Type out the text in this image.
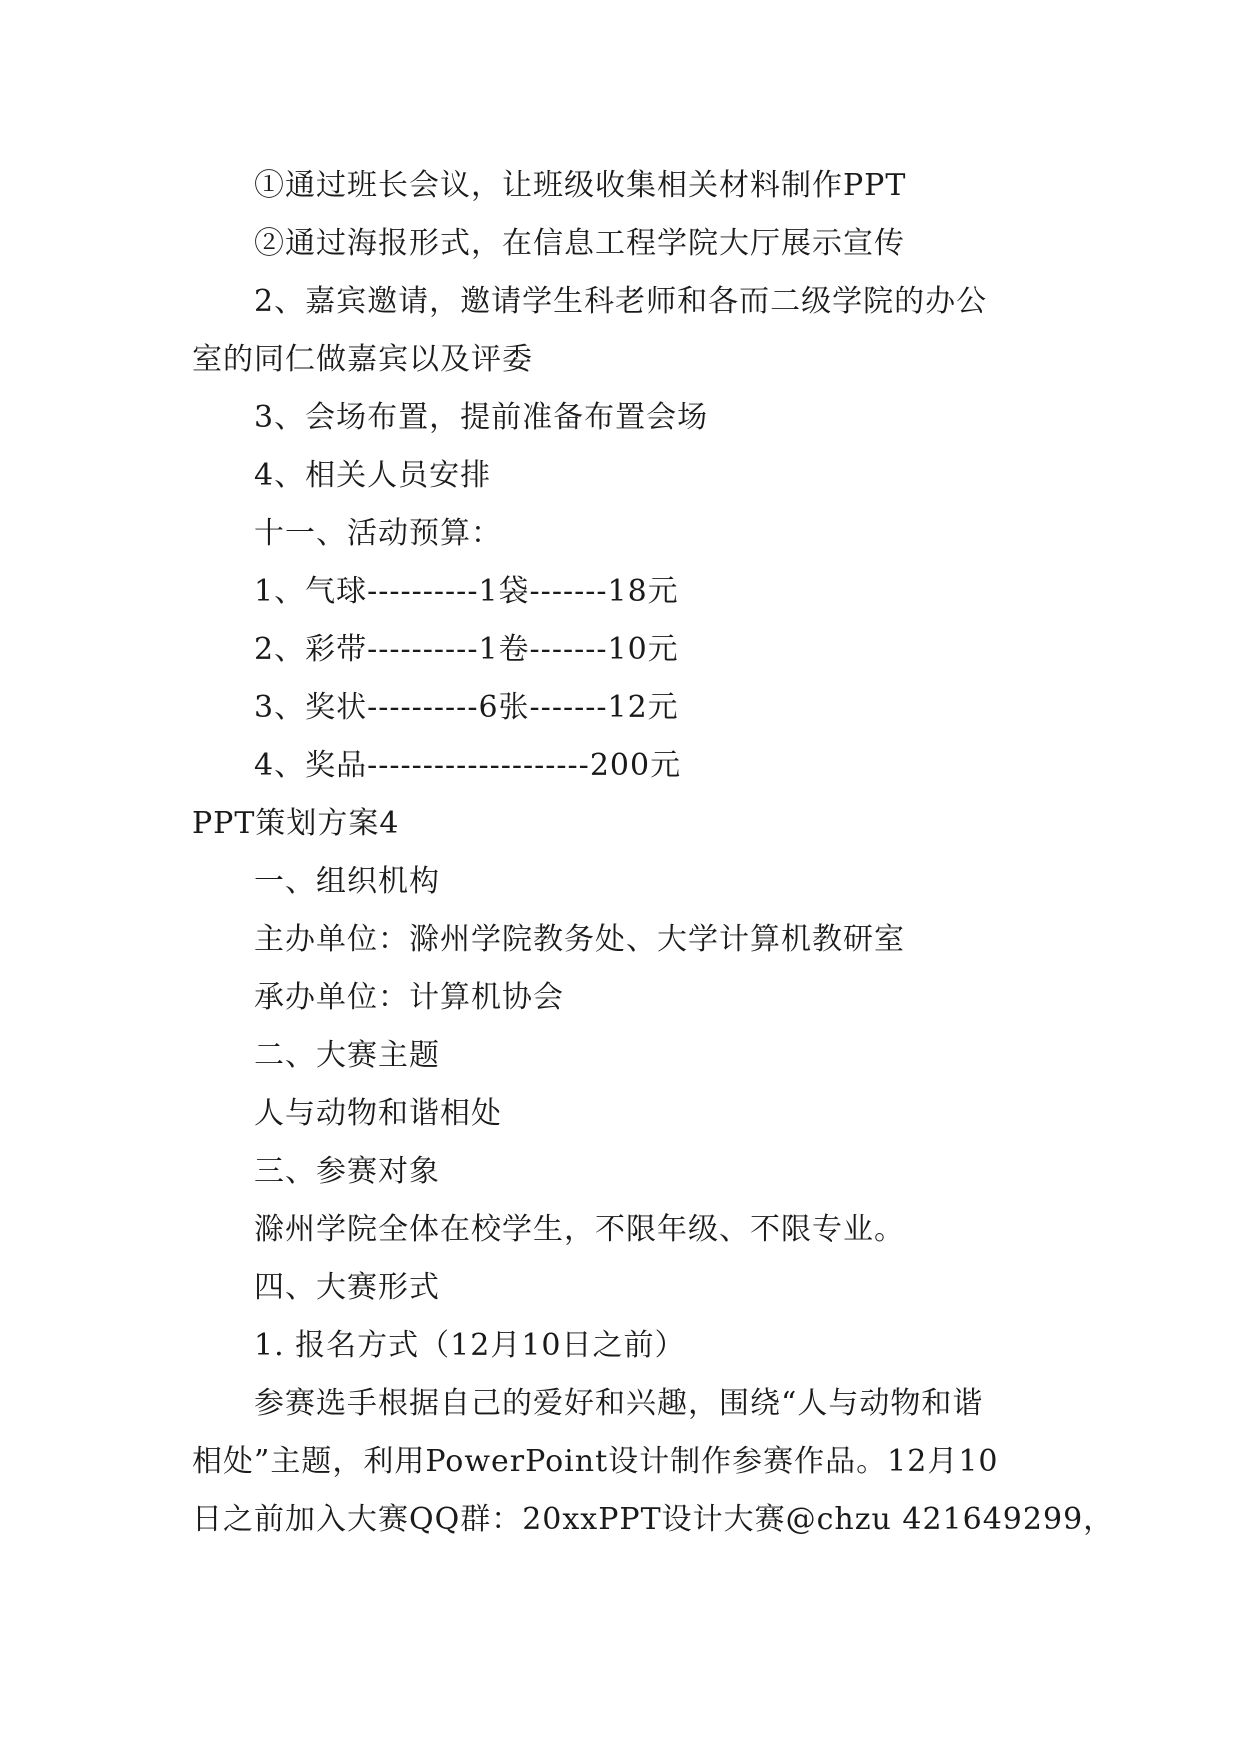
①通过班长会议，让班级收集相关材料制作PPT
②通过海报形式，在信息工程学院大厅展示宣传
2、嘉宾邀请，邀请学生科老师和各而二级学院的办公
室的同仁做嘉宾以及评委
3、会场布置，提前准备布置会场
4、相关人员安排
十一、活动预算：
1、气球----------1袋-------18元
2、彩带----------1卷-------10元
3、奖状----------6张-------12元
4、奖品--------------------200元
PPT策划方案4
一、组织机构
主办单位：滁州学院教务处、大学计算机教研室
承办单位：计算机协会
二、大赛主题
人与动物和谐相处
三、参赛对象
滁州学院全体在校学生，不限年级、不限专业。
四、大赛形式
1. 报名方式（12月10日之前）
参赛选手根据自己的爱好和兴趣，围绕“人与动物和谐
相处”主题，利用PowerPoint设计制作参赛作品。12月10
日之前加入大赛QQ群：20xxPPT设计大赛@chzu 421649299，
